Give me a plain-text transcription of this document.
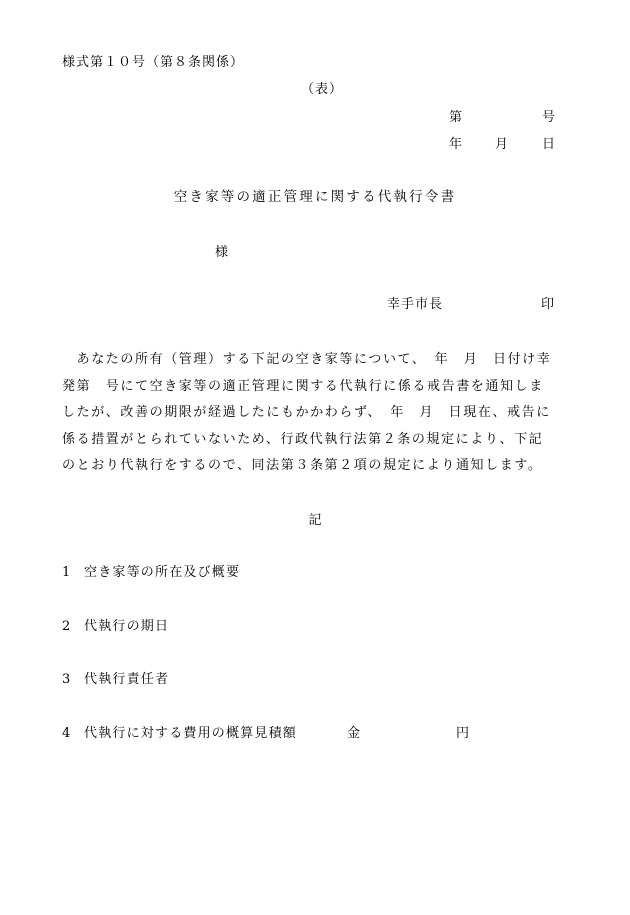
様式第１０号（第８条関係）
（表）
第	号
年	月	日
空き家等の適正管理に関する代執行令書
様
幸手市長	印
　あなたの所有（管理）する下記の空き家等について、　年　月　日付け幸
発第　号にて空き家等の適正管理に関する代執行に係る戒告書を通知しま
したが、改善の期限が経過したにもかかわらず、　年　月　日現在、戒告に
係る措置がとられていないため、行政代執行法第２条の規定により、下記
のとおり代執行をするので、同法第３条第２項の規定により通知します。
記
1 空き家等の所在及び概要
2 代執行の期日
3 代執行責任者
4 代執行に対する費用の概算見積額	金	円
